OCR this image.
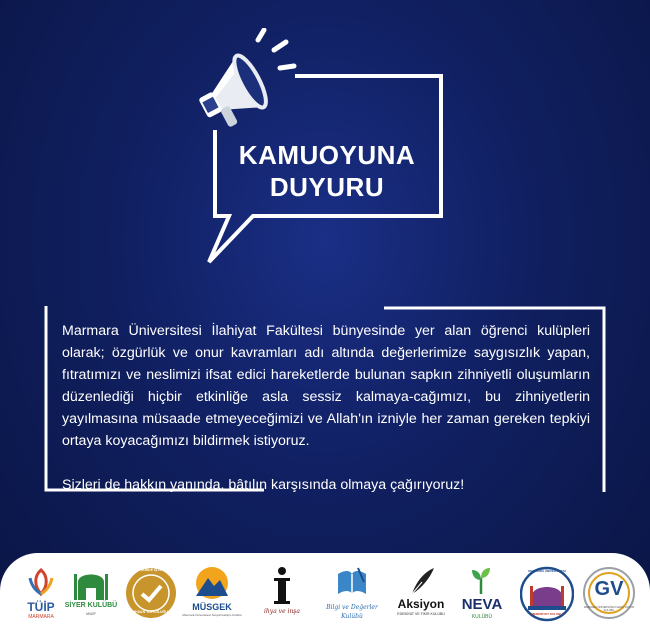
KAMUOYUNA
DUYURU

Marmara Üniversitesi İlahiyat Fakültesi bünyesinde yer alan öğrenci kulüpleri olarak; özgürlük ve onur kavramları adı altında değerlerimize saygısızlık yapan, fıtratımızı ve neslimizi ifsat edici hareketlerde bulunan sapkın zihniyetli oluşumların düzenlediği hiçbir etkinliğe asla sessiz kalmaya-cağımızı, bu zihniyetlerin yayılmasına müsaade etmeyeceğimizi ve Allah'ın izniyle her zaman gereken tepkiyi ortaya koyacağımızı bildirmek istiyoruz.

Sizleri de hakkın yanında, bâtılın karşısında olmaya çağırıyoruz!

TÜİP
MARMARA
SİYER KULÜBÜ
MÜİF
DİLDE FİKİRDE İŞTE BİRLİK
İHSAN TOPLULUĞU	MÜSGEK
Marmara Üniversitesi Sosyal Gelişim Kulübü	ihya ve inşa
Bilgi ve Değerler
Kulübü
Aksiyon
EDEBİYAT VE FİKİR KULÜBÜ
NEVA
KULÜBÜ
MARMARA ÜNİVERSİTESİ
MEDENİYET KULÜBÜ
GV
MARMARA ÜNİVERSİTESİ GENÇ VİZYON KULÜBÜ
